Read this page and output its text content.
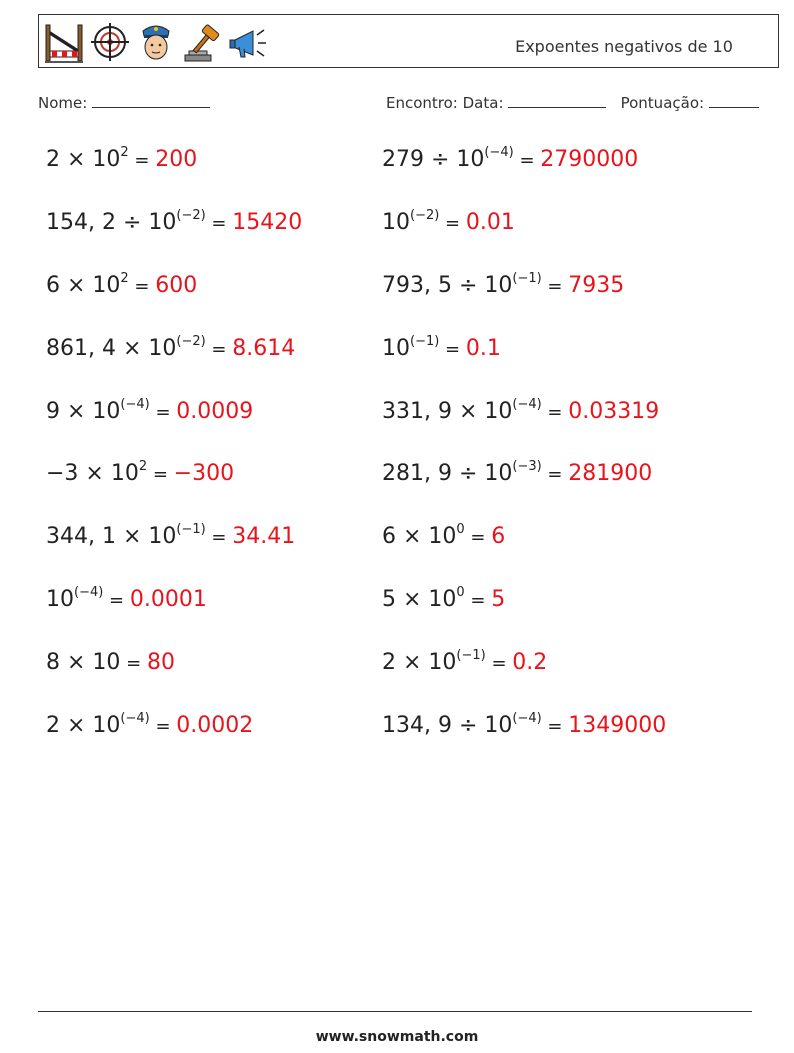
Expoentes negativos de 10
Nome:	Encontro: Data:	Pontuação:
$2 \times 10^2 = 200$	$279 \div 10^{(-4)} = 2790000$
154, $2 \div 10^{(-2)} = 15420$	$10^{(-2)} = 0.01$
$6 \times 10^2 = 600$	793, $5 \div 10^{(-1)} = 7935$
861, $4 \times 10^{(-2)} = 8.614$	$10^{(-1)} = 0.1$
$9 \times 10^{(-4)} = 0.0009$	331, $9 \times 10^{(-4)} = 0.03319$
$-3 \times 10^2 = -300$	281, $9 \div 10^{(-3)} = 281900$
344, $1 \times 10^{(-1)} = 34.41$	$6 \times 10^0 = 6$
$10^{(-4)} = 0.0001$	$5 \times 10^0 = 5$
8 × 10 = 80	$2 \times 10^{(-1)} = 0.2$
$2 \times 10^{(-4)} = 0.0002$	134, $9 \div 10^{(-4)} = 1349000$
www.snowmath.com
